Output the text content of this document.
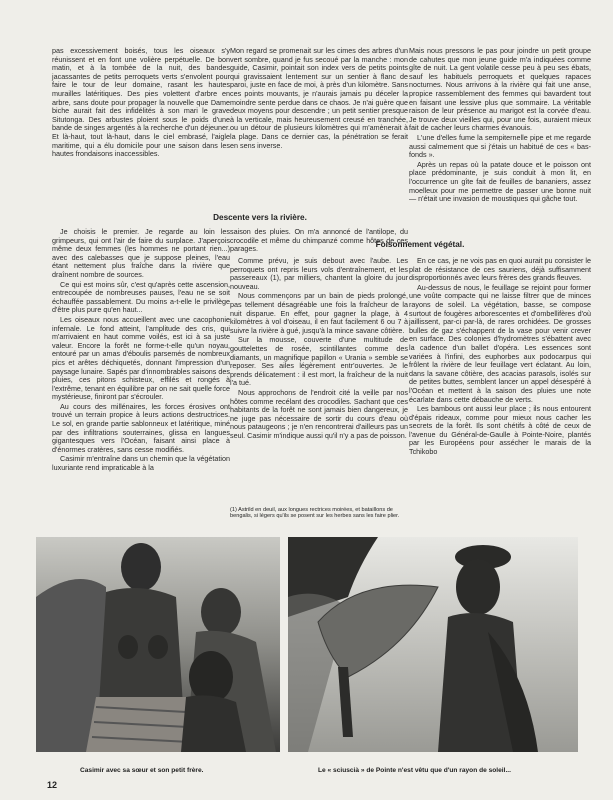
pas excessivement boisés, tous les oiseaux s'y réunissent et en font une volière perpétuelle. De bon matin, et à la tombée de la nuit, des bandes jacassantes de petits perroquets verts s'envolent pour faire le tour de leur domaine, rasant les hautes murailles latéritiques. Des pies volettent d'arbre en arbre, sans doute pour propager la nouvelle que Dame biche aurait fait des infidélités à son mari le grave Situtonga. Des arbustes ploient sous le poids d'une bande de singes argentés à la recherche d'un déjeuner. Et là-haut, tout là-haut, dans le ciel embrasé, l'aigle maritime, qui a élu domicile pour une saison dans les hautes frondaisons inaccessibles.

Mon regard se promenait sur les cimes des arbres d'un vert sombre, quand je fus secoué par la manche : mon guide, Casimir, pointait son index vers de petits points qui gravissaient lentement sur un sentier à flanc de paroi, juste en face de moi, à près d'un kilomètre. Sans ces points mouvants, je n'aurais jamais pu déceler la moindre sente perdue dans ce chaos. Je n'ai guère que deux moyens pour descendre ; un petit sentier presque à la verticale, mais heureusement creusé en tranchée, ou un détour de plusieurs kilomètres qui m'amènerait à la plage. Dans ce dernier cas, la pénétration se ferait en sens inverse.

Mais nous pressons le pas pour joindre un petit groupe de cahutes que mon jeune guide m'a indiquées comme gîte de nuit. La gent volatile cesse peu à peu ses ébats, sauf les habituels perroquets et quelques rapaces nocturnes. Nous arrivons à la rivière qui fait une anse, propice rassemblement des femmes qui bavardent tout en faisant une lessive plus que sommaire. La véritable raison de leur présence au marigot est la corvée d'eau. Je trouve deux vieilles qui, pour une fois, auraient mieux fait de cacher leurs charmes évanouis.

L'une d'elles fume la sempiternelle pipe et me regarde aussi calmement que si j'étais un habitué de ces « bas-fonds ».

Après un repas où la patate douce et le poisson ont place prédominante, je suis conduit à mon lit, en l'occurrence un gîte fait de feuilles de bananiers, assez moelleux pour me permettre de passer une bonne nuit — n'était une invasion de moustiques qui gâche tout.

Descente vers la rivière.

Je choisis le premier. Je regarde au loin les grimpeurs, qui ont l'air de faire du surplace. J'aperçois même deux femmes (les hommes ne portant rien...) avec des calebasses que je suppose pleines, l'eau étant nettement plus fraîche dans la rivière que draînent nombre de sources.

Ce qui est moins sûr, c'est qu'après cette ascension, entrecoupée de nombreuses pauses, l'eau ne se soit échauffée passablement. Du moins a-t-elle le privilège d'être plus pure qu'en haut...

Les oiseaux nous accueillent avec une cacophonie infernale. Le fond atteint, l'amplitude des cris, qui m'arrivaient en haut comme voilés, est ici à sa juste valeur. Encore la forêt ne forme-t-elle qu'un noyau, entouré par un amas d'éboulis parsemés de nombreux pics et arêtes déchiquetés, donnant l'impression d'un paysage lunaire. Sapés par d'innombrables saisons des pluies, ces pitons schisteux, effilés et rongés à l'extrême, tenant en équilibre par on ne sait quelle force mystérieuse, finiront par s'écrouler.

Au cours des millénaires, les forces érosives ont trouvé un terrain propice à leurs actions destructrices. Le sol, en grande partie sablonneux et latéritique, miné par des infiltrations souterraines, glissa en langues gigantesques vers l'Océan, faisant ainsi place à d'énormes cratères, sans cesse modifiés.

Casimir m'entraîne dans un chemin que la végétation luxuriante rend impraticable à la

saison des pluies. On m'a annoncé de l'antilope, du crocodile et même du chimpanzé comme hôtes de ces parages.	Foisonnement végétal.

Comme prévu, je suis debout avec l'aube. Les perroquets ont repris leurs vols d'entraînement, et les passereaux (1), par milliers, chantent la gloire du jour nouveau.

Nous commençons par un bain de pieds prolongé, pas tellement désagréable une fois la fraîcheur de la nuit disparue. En effet, pour gagner la plage, à 4 kilomètres à vol d'oiseau, il en faut facilement 6 ou 7 à suivre la rivière à gué, jusqu'à la mince savane côtière.

Sur la mousse, couverte d'une multitude de gouttelettes de rosée, scintillantes comme des diamants, un magnifique papillon « Urania » semble se reposer. Ses ailes légèrement entr'ouvertes. Je le prends délicatement : il est mort, la fraîcheur de la nuit l'a tué.

Nous approchons de l'endroit cité la veille par nos hôtes comme recélant des crocodiles. Sachant que ces habitants de la forêt ne sont jamais bien dangereux, je ne juge pas nécessaire de sortir du cours d'eau où nous pataugeons ; je n'en rencontrerai d'ailleurs pas un seul. Casimir m'indique aussi qu'il n'y a pas de poisson.

(1) Astrild en deuil, aux longues rectrices moirées, et bataillons de bengalis, si légers qu'ils se posent sur les herbes sans les faire plier.

En ce cas, je ne vois pas en quoi aurait pu consister le plat de résistance de ces sauriens, déjà suffisamment disproportionnés avec leurs frères des grands fleuves.

Au-dessus de nous, le feuillage se rejoint pour former une voûte compacte qui ne laisse filtrer que de minces rayons de soleil. La végétation, basse, se compose surtout de fougères arborescentes et d'ombellifères d'où jaillissent, par-ci par-là, de rares orchidées. De grosses bulles de gaz s'échappent de la vase pour venir crever en surface. Des colonies d'hydromètres s'ébattent avec la cadence d'un ballet d'opéra. Les essences sont variées à l'infini, des euphorbes aux podocarpus qui frôlent la rivière de leur feuillage vert éclatant. Au loin, dans la savane côtière, des acacias parasols, isolés sur de petites buttes, semblent lancer un appel désespéré à l'Océan et mettent à la saison des pluies une note écarlate dans cette débauche de verts.

Les bambous ont aussi leur place ; ils nous entourent d'épais rideaux, comme pour mieux nous cacher les secrets de la forêt. Ils sont chétifs à côté de ceux de l'avenue du Général-de-Gaulle à Pointe-Noire, plantés par les Européens pour assécher le marais de la Tchikobo

Casimir avec sa sœur et son petit frère.	Le « sciuscià » de Pointe n'est vêtu que d'un rayon de soleil...
12
